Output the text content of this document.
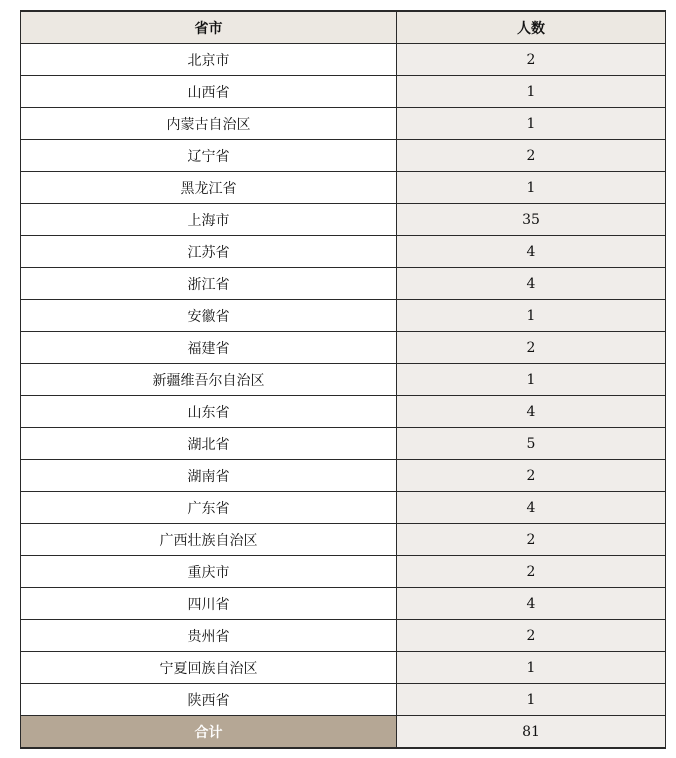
省市	人数
北京市	2
山西省	1
内蒙古自治区	1
辽宁省	2
黑龙江省	1
上海市	35
江苏省	4
浙江省	4
安徽省	1
福建省	2
新疆维吾尔自治区	1
山东省	4
湖北省	5
湖南省	2
广东省	4
广西壮族自治区	2
重庆市	2
四川省	4
贵州省	2
宁夏回族自治区	1
陕西省	1
合计	81
